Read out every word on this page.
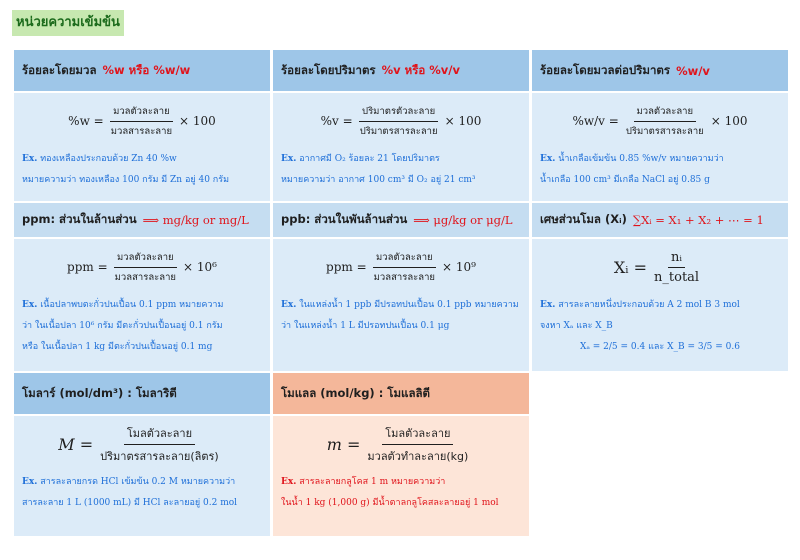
หน่วยความเข้มข้น
ร้อยละโดยมวล %w หรือ %w/w	ร้อยละโดยปริมาตร %v หรือ %v/v	ร้อยละโดยมวลต่อปริมาตร %w/v
$\%w = \frac{\text{มวลตัวละลาย}}{\text{มวลสารละลาย}} \times 100$
Ex. ทองเหลืองประกอบด้วย Zn 40 %w
หมายความว่า ทองเหลือง 100 กรัม มี Zn อยู่ 40 กรัม
$\%v = \frac{\text{ปริมาตรตัวละลาย}}{\text{ปริมาตรสารละลาย}} \times 100$
Ex. อากาศมี O₂ ร้อยละ 21 โดยปริมาตร
หมายความว่า อากาศ 100 cm³ มี O₂ อยู่ 21 cm³
$\%w/v = \frac{\text{มวลตัวละลาย}}{\text{ปริมาตรสารละลาย}} \times 100$
Ex. น้ำเกลือเข้มข้น 0.85 %w/v หมายความว่า
น้ำเกลือ 100 cm³ มีเกลือ NaCl อยู่ 0.85 g
ppm: ส่วนในล้านส่วน ⟹ mg/kg or mg/L	ppb: ส่วนในพันล้านส่วน ⟹ μg/kg or μg/L เศษส่วนโมล (Xᵢ) ∑Xᵢ = X₁ + X₂ + ⋯ = 1
ppm = $\frac{\text{มวลตัวละลาย}}{\text{มวลสารละลาย}} \times 10^6$
Ex. เนื้อปลาพบตะกั่วปนเปื้อน 0.1 ppm หมายความ
ว่า ในเนื้อปลา 10⁶ กรัม มีตะกั่วปนเปื้อนอยู่ 0.1 กรัม
หรือ ในเนื้อปลา 1 kg มีตะกั่วปนเปื้อนอยู่ 0.1 mg
ppm = $\frac{\text{มวลตัวละลาย}}{\text{มวลสารละลาย}} \times 10^9$
Ex. ในแหล่งน้ำ 1 ppb มีปรอทปนเปื้อน 0.1 ppb หมายความ
ว่า ในแหล่งน้ำ 1 L มีปรอทปนเปื้อน 0.1 μg
Xᵢ = $\frac{\text{nᵢ}}{\text{n\_total}}$
Ex. สารละลายหนึ่งประกอบด้วย A 2 mol B 3 mol
จงหา Xₐ และ X_B
Xₐ = 2/5 = 0.4 และ X_B = 3/5 = 0.6
โมลาร์ (mol/dm³) : โมลาริตี	โมแลล (mol/kg) : โมแลลิตี
$M = \frac{\text{โมลตัวละลาย}}{\text{ปริมาตรสารละลาย(ลิตร)}}$
Ex. สารละลายกรด HCl เข้มข้น 0.2 M หมายความว่า
สารละลาย 1 L (1000 mL) มี HCl ละลายอยู่ 0.2 mol
$m = \frac{\text{โมลตัวละลาย}}{\text{มวลตัวทำละลาย(kg)}}$
Ex. สารละลายกลูโคส 1 m หมายความว่า
ในน้ำ 1 kg (1,000 g) มีน้ำตาลกลูโคสละลายอยู่ 1 mol
